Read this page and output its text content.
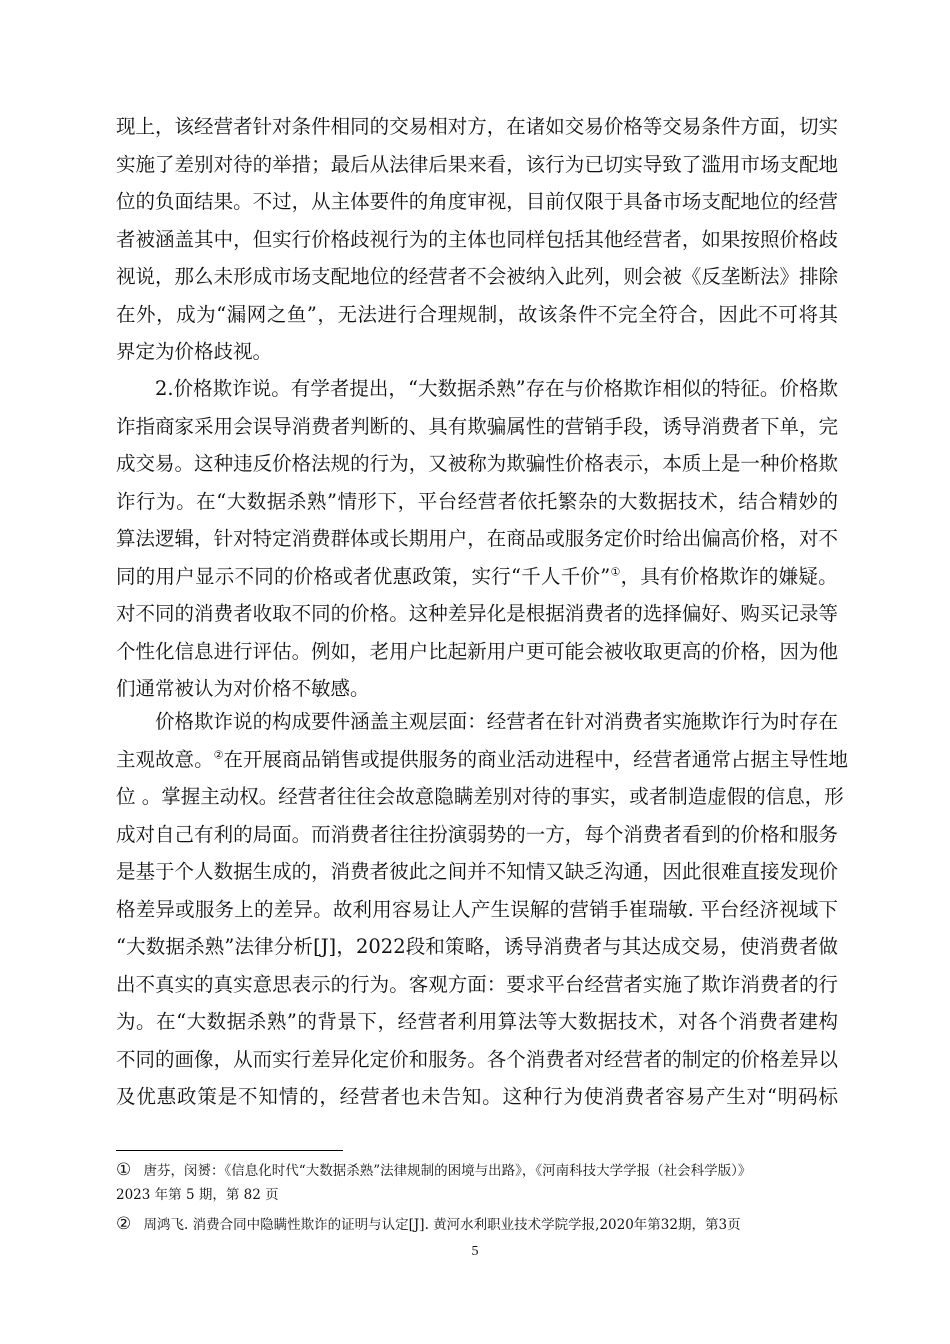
现上，该经营者针对条件相同的交易相对方，在诸如交易价格等交易条件方面，切实
实施了差别对待的举措；最后从法律后果来看，该行为已切实导致了滥用市场支配地
位的负面结果。不过，从主体要件的角度审视，目前仅限于具备市场支配地位的经营
者被涵盖其中，但实行价格歧视行为的主体也同样包括其他经营者，如果按照价格歧
视说，那么未形成市场支配地位的经营者不会被纳入此列，则会被《反垄断法》排除
在外，成为“漏网之鱼”，无法进行合理规制，故该条件不完全符合，因此不可将其
界定为价格歧视。
2.价格欺诈说。有学者提出，“大数据杀熟”存在与价格欺诈相似的特征。价格欺
诈指商家采用会误导消费者判断的、具有欺骗属性的营销手段，诱导消费者下单，完
成交易。这种违反价格法规的行为，又被称为欺骗性价格表示，本质上是一种价格欺
诈行为。在“大数据杀熟”情形下，平台经营者依托繁杂的大数据技术，结合精妙的
算法逻辑，针对特定消费群体或长期用户，在商品或服务定价时给出偏高价格，对不
同的用户显示不同的价格或者优惠政策，实行“千人千价”①，具有价格欺诈的嫌疑。
对不同的消费者收取不同的价格。这种差异化是根据消费者的选择偏好、购买记录等
个性化信息进行评估。例如，老用户比起新用户更可能会被收取更高的价格，因为他
们通常被认为对价格不敏感。
价格欺诈说的构成要件涵盖主观层面：经营者在针对消费者实施欺诈行为时存在
主观故意。②在开展商品销售或提供服务的商业活动进程中，经营者通常占据主导性地
位 。掌握主动权。经营者往往会故意隐瞒差别对待的事实，或者制造虚假的信息，形
成对自己有利的局面。而消费者往往扮演弱势的一方，每个消费者看到的价格和服务
是基于个人数据生成的，消费者彼此之间并不知情又缺乏沟通，因此很难直接发现价
格差异或服务上的差异。故利用容易让人产生误解的营销手崔瑞敏. 平台经济视域下
“大数据杀熟”法律分析[J]，2022段和策略，诱导消费者与其达成交易，使消费者做
出不真实的真实意思表示的行为。客观方面：要求平台经营者实施了欺诈消费者的行
为。在“大数据杀熟”的背景下，经营者利用算法等大数据技术，对各个消费者建构
不同的画像，从而实行差异化定价和服务。各个消费者对经营者的制定的价格差异以
及优惠政策是不知情的，经营者也未告知。这种行为使消费者容易产生对“明码标
① 唐芬，闵赟：《信息化时代“大数据杀熟”法律规制的困境与出路》，《河南科技大学学报（社会科学版）》
2023 年第 5 期，第 82 页
② 周鸿飞. 消费合同中隐瞒性欺诈的证明与认定[J]. 黄河水利职业技术学院学报,2020年第32期，第3页
5
